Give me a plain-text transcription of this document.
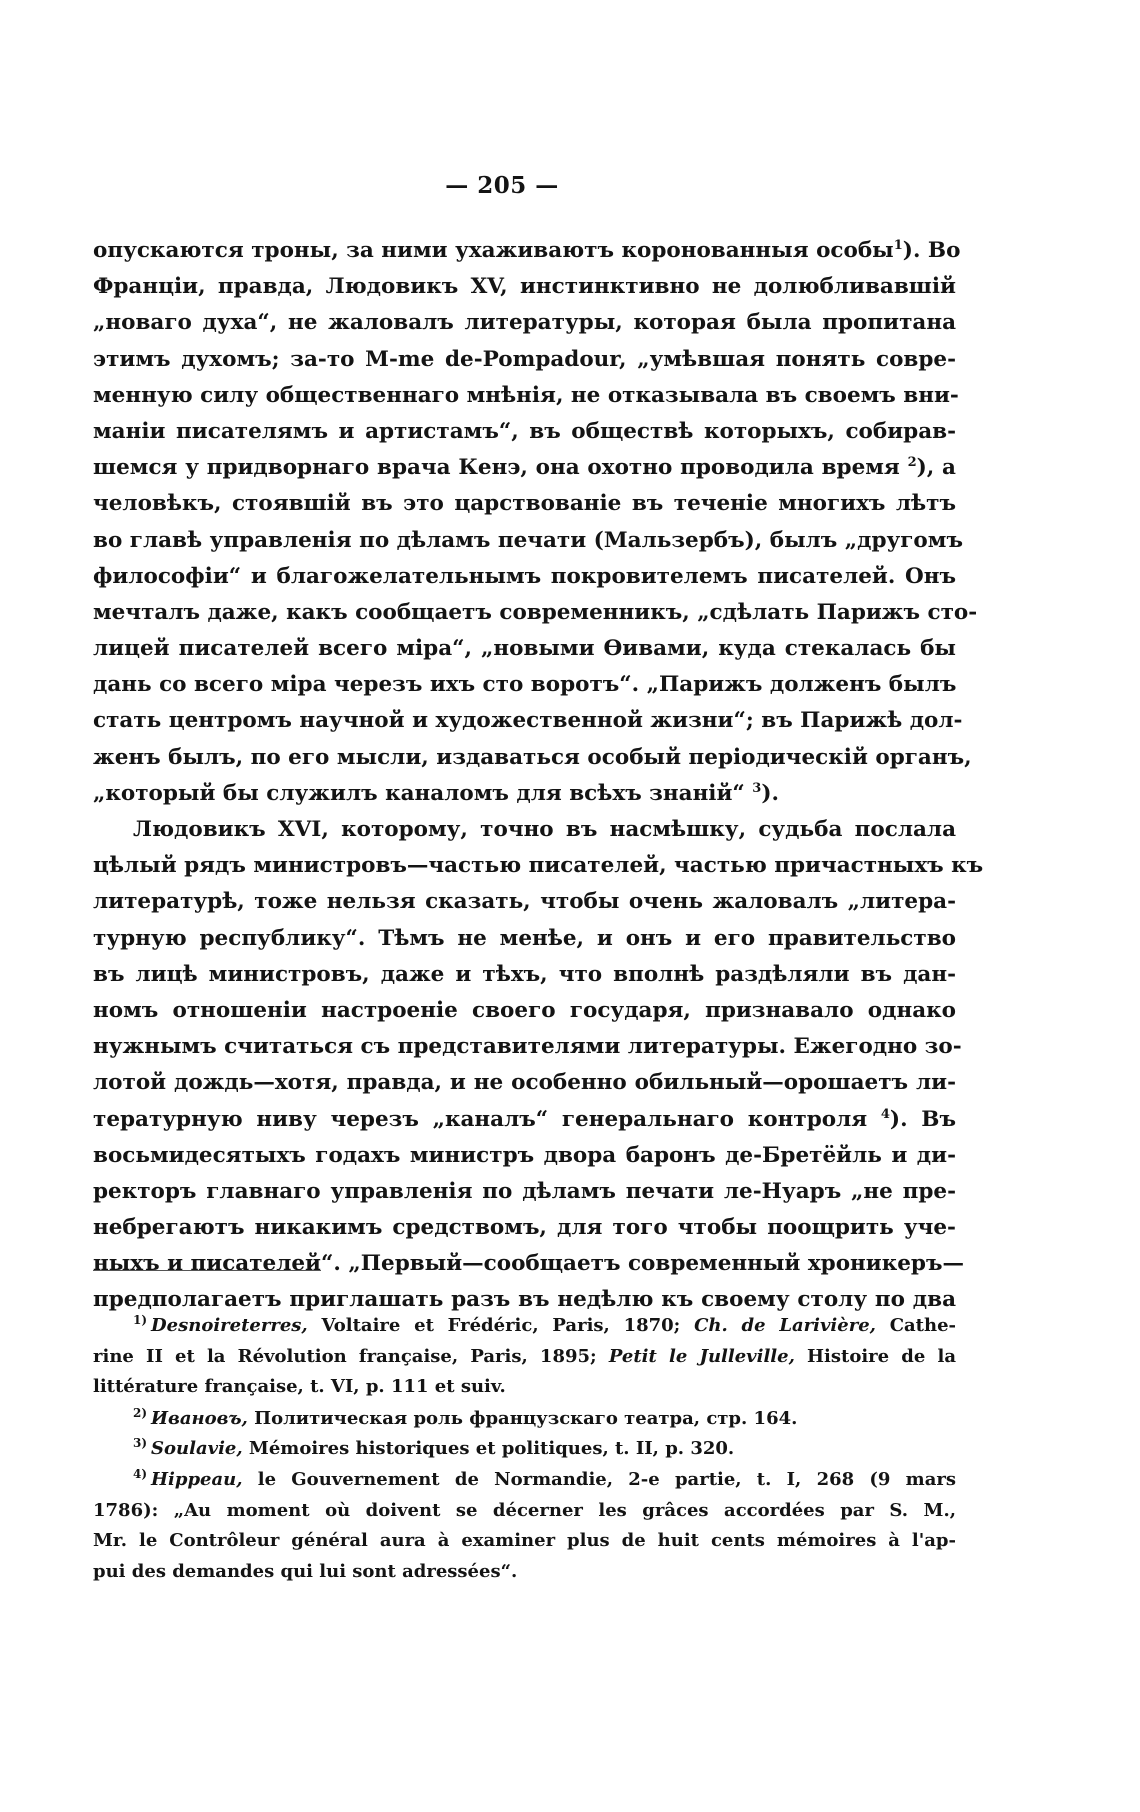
— 205 —
опускаются троны, за ними ухаживаютъ коронованныя особы$^1$). Во
Франціи, правда, Людовикъ XV, инстинктивно не долюбливавшій
„новаго духа“, не жаловалъ литературы, которая была пропитана
этимъ духомъ; за-то M-me de-Pompadour, „умѣвшая понять совре-
менную силу общественнаго мнѣнія, не отказывала въ своемъ вни-
маніи писателямъ и артистамъ“, въ обществѣ которыхъ, собирав-
шемся у придворнаго врача Кенэ, она охотно проводила время $^2$), а
человѣкъ, стоявшій въ это царствованіе въ теченіе многихъ лѣтъ
во главѣ управленія по дѣламъ печати (Мальзербъ), былъ „другомъ
философіи“ и благожелательнымъ покровителемъ писателей. Онъ
мечталъ даже, какъ сообщаетъ современникъ, „сдѣлать Парижъ сто-
лицей писателей всего міра“, „новыми Ѳивами, куда стекалась бы
дань со всего міра черезъ ихъ сто воротъ“. „Парижъ долженъ былъ
стать центромъ научной и художественной жизни“; въ Парижѣ дол-
женъ былъ, по его мысли, издаваться особый періодическій органъ,
„который бы служилъ каналомъ для всѣхъ знаній“ $^3$).
Людовикъ XVI, которому, точно въ насмѣшку, судьба послала
цѣлый рядъ министровъ—частью писателей, частью причастныхъ къ
литературѣ, тоже нельзя сказать, чтобы очень жаловалъ „литера-
турную республику“. Тѣмъ не менѣе, и онъ и его правительство
въ лицѣ министровъ, даже и тѣхъ, что вполнѣ раздѣляли въ дан-
номъ отношеніи настроеніе своего государя, признавало однако
нужнымъ считаться съ представителями литературы. Ежегодно зо-
лотой дождь—хотя, правда, и не особенно обильный—орошаетъ ли-
тературную ниву черезъ „каналъ“ генеральнаго контроля $^4$). Въ
восьмидесятыхъ годахъ министръ двора баронъ де-Бретёйль и ди-
ректоръ главнаго управленія по дѣламъ печати ле-Нуаръ „не пре-
небрегаютъ никакимъ средствомъ, для того чтобы поощрить уче-
ныхъ и писателей“. „Первый—сообщаетъ современный хроникеръ—
предполагаетъ приглашать разъ въ недѣлю къ своему столу по два
$^{1)}$ Desnoireterres, Voltaire et Frédéric, Paris, 1870; Ch. de Larivière, Cathe-
rine II et la Révolution française, Paris, 1895; Petit le Julleville, Histoire de la
littérature française, t. VI, p. 111 et suiv.
$^{2)}$ Ивановъ, Политическая роль французскаго театра, стр. 164.
$^{3)}$ Soulavie, Mémoires historiques et politiques, t. II, p. 320.
$^{4)}$ Hippeau, le Gouvernement de Normandie, 2-e partie, t. I, 268 (9 mars
1786): „Au moment où doivent se décerner les grâces accordées par S. M.,
Mr. le Contrôleur général aura à examiner plus de huit cents mémoires à l'ap-
pui des demandes qui lui sont adressées“.
